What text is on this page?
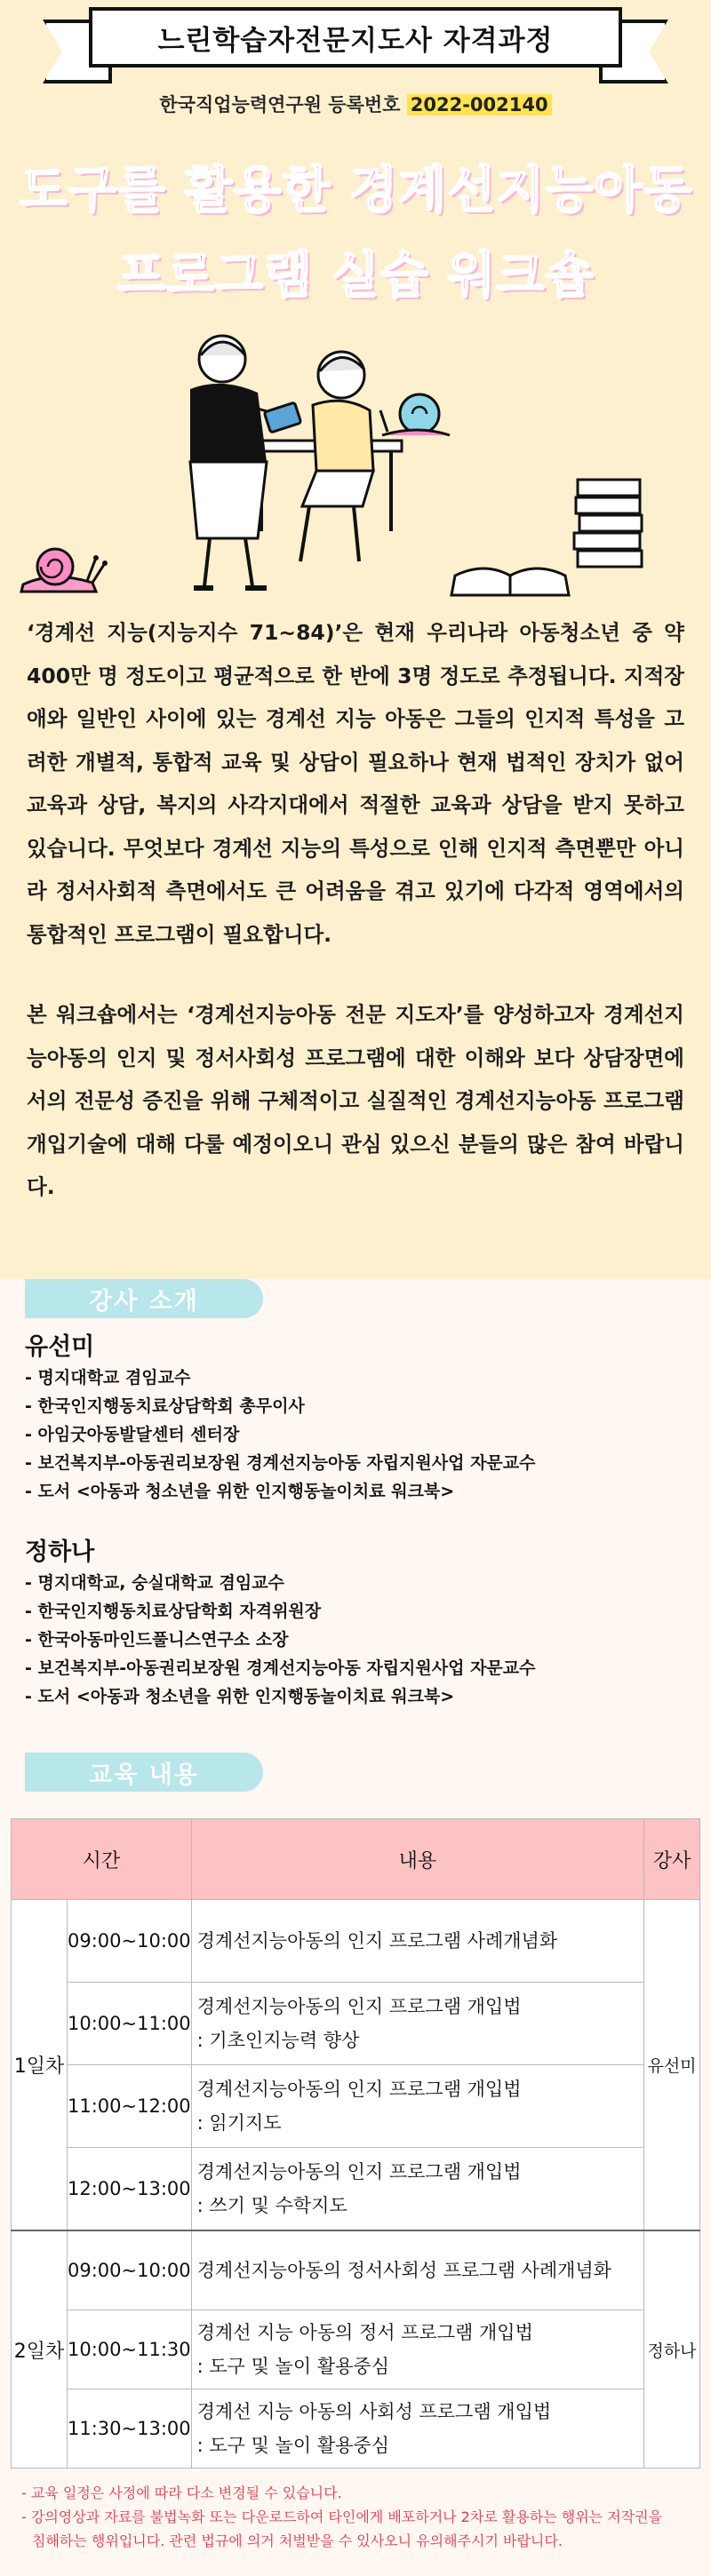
느린학습자전문지도사 자격과정
한국직업능력연구원 등록번호 2022-002140
도구를 활용한 경계선지능아동
프로그램 실습 워크숍
‘경계선 지능(지능지수 71~84)’은 현재 우리나라 아동청소년 중 약 400만 명 정도이고 평균적으로 한 반에 3명 정도로 추정됩니다. 지적장애와 일반인 사이에 있는 경계선 지능 아동은 그들의 인지적 특성을 고려한 개별적, 통합적 교육 및 상담이 필요하나 현재 법적인 장치가 없어 교육과 상담, 복지의 사각지대에서 적절한 교육과 상담을 받지 못하고 있습니다. 무엇보다 경계선 지능의 특성으로 인해 인지적 측면뿐만 아니라 정서사회적 측면에서도 큰 어려움을 겪고 있기에 다각적 영역에서의 통합적인 프로그램이 필요합니다.
본 워크숍에서는 ‘경계선지능아동 전문 지도자’를 양성하고자 경계선지능아동의 인지 및 정서사회성 프로그램에 대한 이해와 보다 상담장면에서의 전문성 증진을 위해 구체적이고 실질적인 경계선지능아동 프로그램 개입기술에 대해 다룰 예정이오니 관심 있으신 분들의 많은 참여 바랍니다.
강사 소개
유선미
- 명지대학교 겸임교수
- 한국인지행동치료상담학회 총무이사
- 아임굿아동발달센터 센터장
- 보건복지부-아동권리보장원 경계선지능아동 자립지원사업 자문교수
- 도서 <아동과 청소년을 위한 인지행동놀이치료 워크북>
정하나
- 명지대학교, 숭실대학교 겸임교수
- 한국인지행동치료상담학회 자격위원장
- 한국아동마인드풀니스연구소 소장
- 보건복지부-아동권리보장원 경계선지능아동 자립지원사업 자문교수
- 도서 <아동과 청소년을 위한 인지행동놀이치료 워크북>
교육 내용
시간		내용	강사
1일차	09:00~10:00	경계선지능아동의 인지 프로그램 사례개념화	유선미
	10:00~11:00	경계선지능아동의 인지 프로그램 개입법
: 기초인지능력 향상	

	11:00~12:00	경계선지능아동의 인지 프로그램 개입법
: 읽기지도	

	12:00~13:00	경계선지능아동의 인지 프로그램 개입법
: 쓰기 및 수학지도	

2일차	09:00~10:00	경계선지능아동의 정서사회성 프로그램 사례개념화	정하나
	10:00~11:30	경계선 지능 아동의 정서 프로그램 개입법
: 도구 및 놀이 활용중심	

	11:30~13:00	경계선 지능 아동의 사회성 프로그램 개입법
: 도구 및 놀이 활용중심	
- 교육 일정은 사정에 따라 다소 변경될 수 있습니다.
- 강의영상과 자료를 불법녹화 또는 다운로드하여 타인에게 배포하거나 2차로 활용하는 행위는 저작권을
침해하는 행위입니다. 관련 법규에 의거 처벌받을 수 있사오니 유의해주시기 바랍니다.
